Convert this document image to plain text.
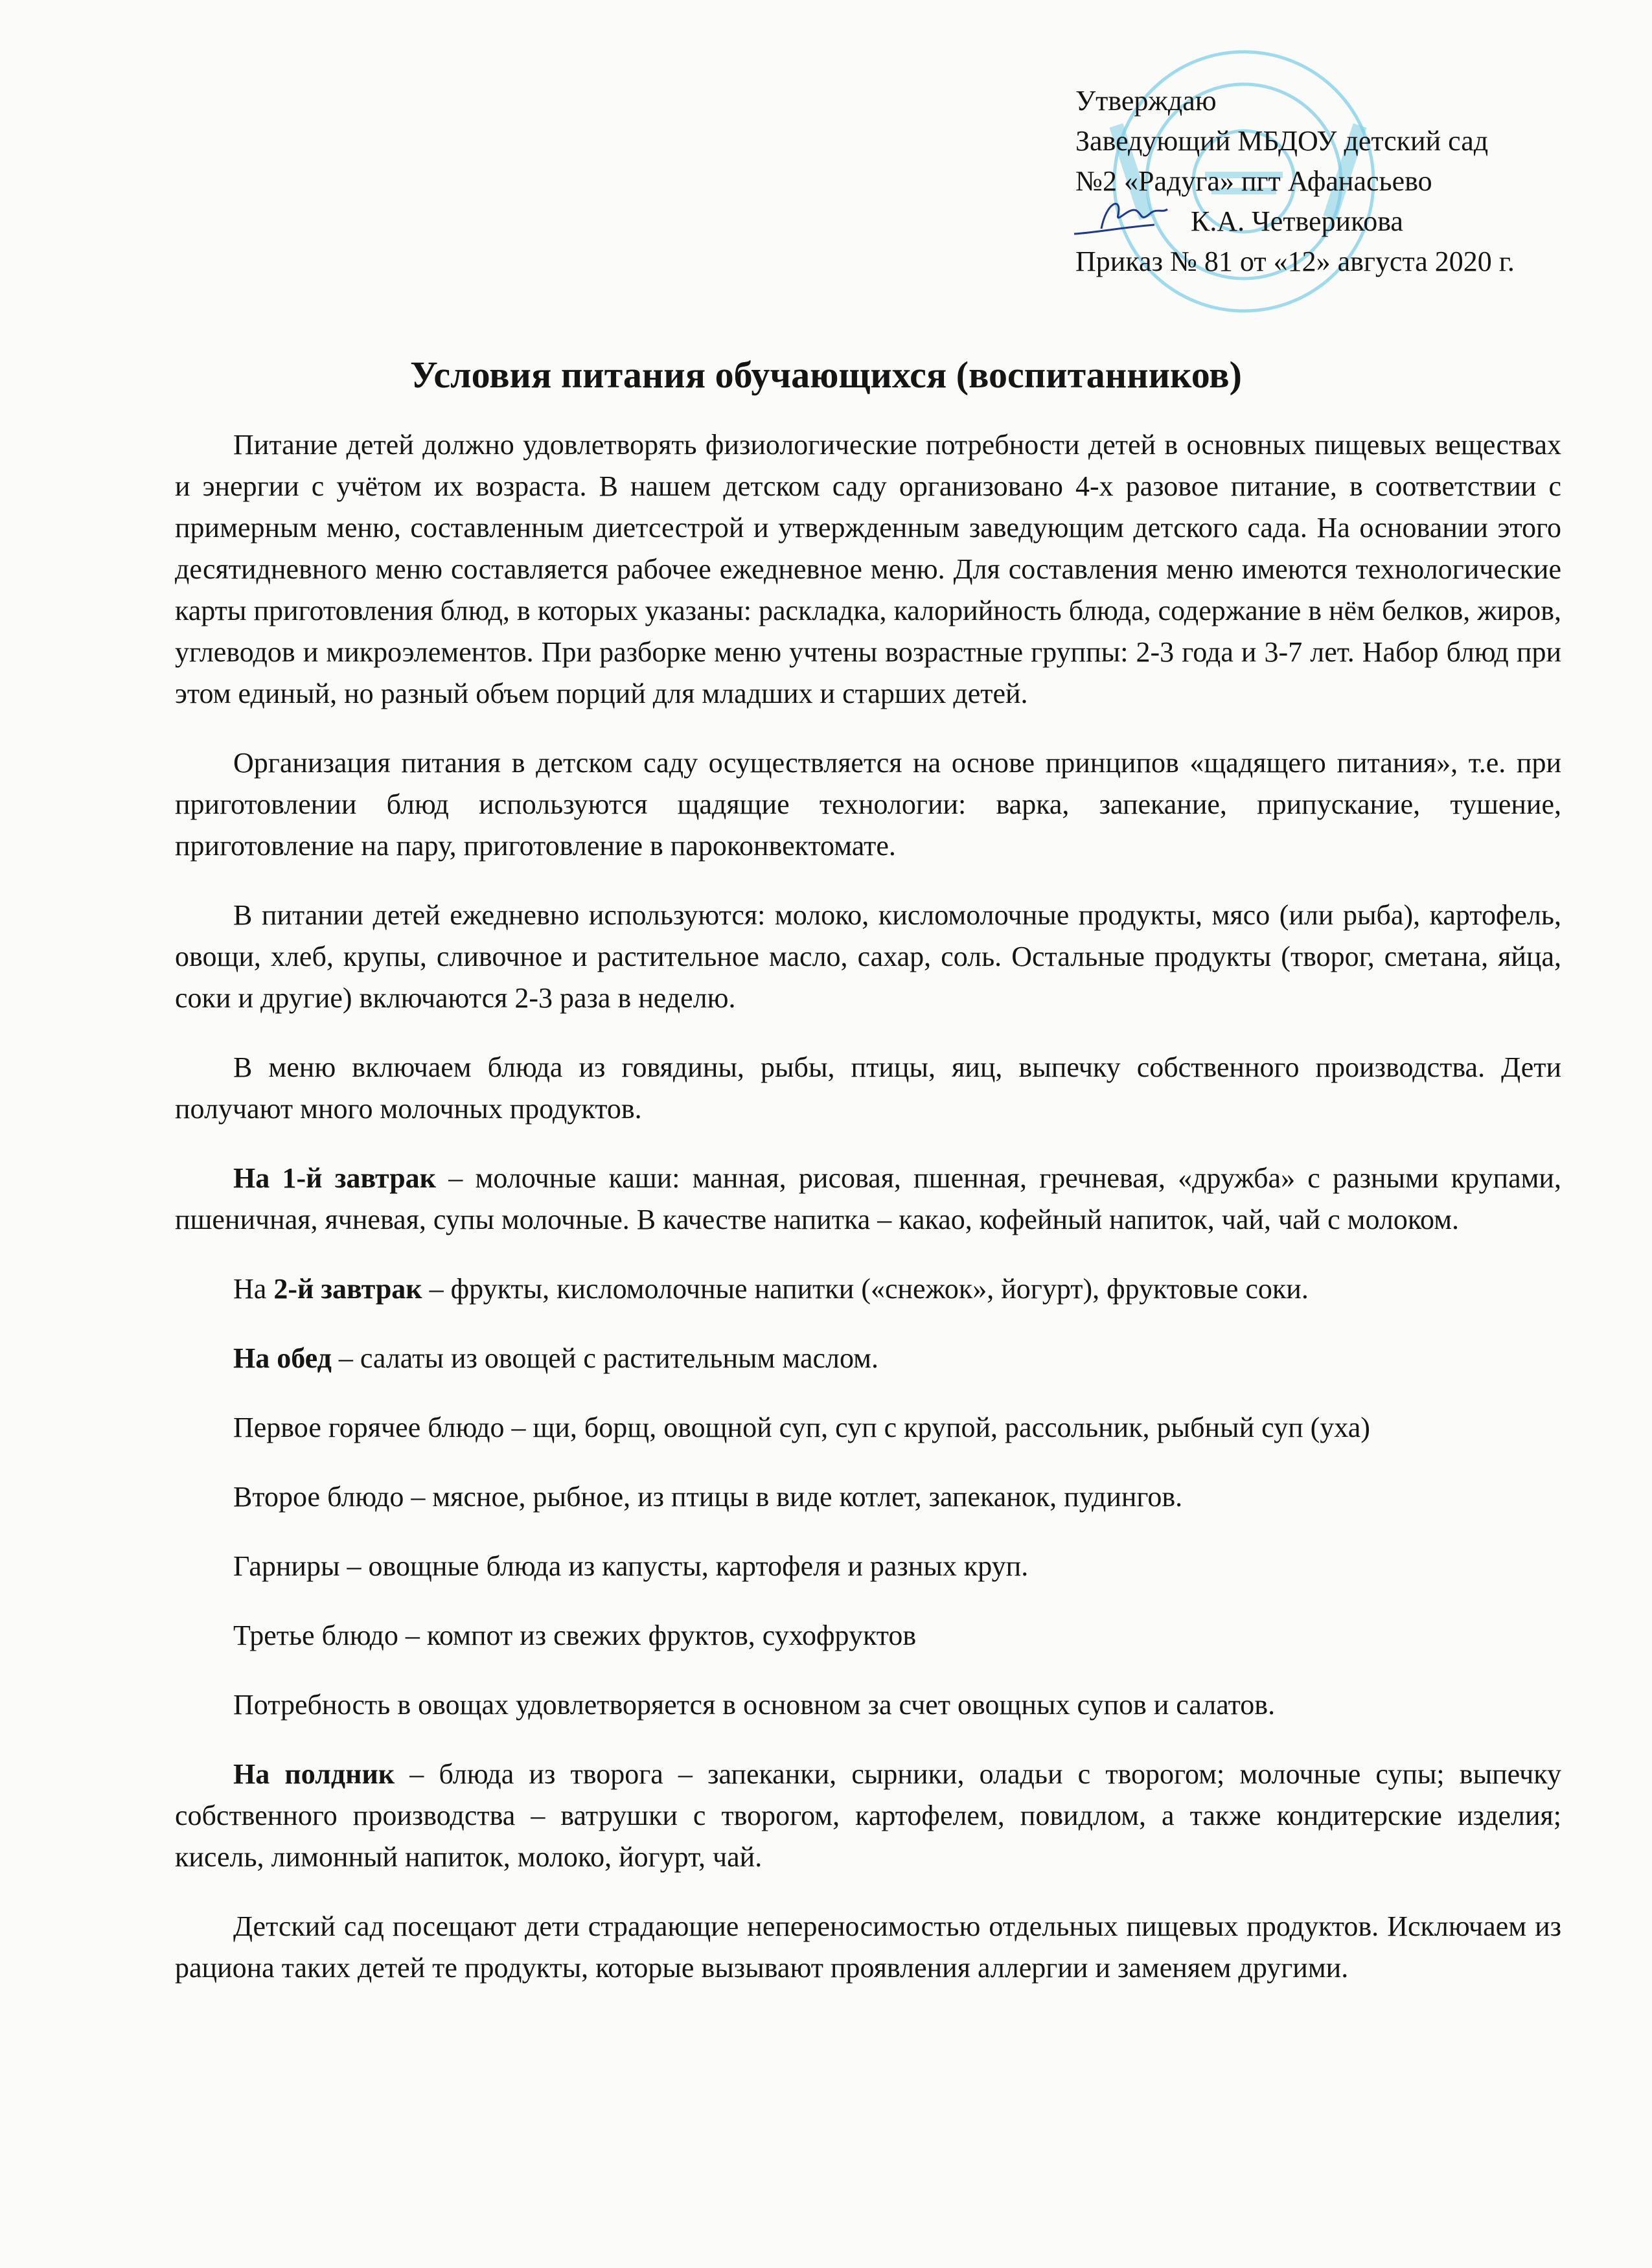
Утверждаю
Заведующий МБДОУ детский сад
№2 «Радуга» пгт Афанасьево
К.А. Четверикова
Приказ № 81 от «12» августа 2020 г.
Условия питания обучающихся (воспитанников)

Питание детей должно удовлетворять физиологические потребности детей в основных пищевых веществах и энергии с учётом их возраста. В нашем детском саду организовано 4-х разовое питание, в соответствии с примерным меню, составленным диетсестрой и утвержденным заведующим детского сада. На основании этого десятидневного меню составляется рабочее ежедневное меню. Для составления меню имеются технологические карты приготовления блюд, в которых указаны: раскладка, калорийность блюда, содержание в нём белков, жиров, углеводов и микроэлементов. При разборке меню учтены возрастные группы: 2-3 года и 3-7 лет. Набор блюд при этом единый, но разный объем порций для младших и старших детей.

Организация питания в детском саду осуществляется на основе принципов «щадящего питания», т.е. при приготовлении блюд используются щадящие технологии: варка, запекание, припускание, тушение, приготовление на пару, приготовление в пароконвектомате.

В питании детей ежедневно используются: молоко, кисломолочные продукты, мясо (или рыба), картофель, овощи, хлеб, крупы, сливочное и растительное масло, сахар, соль. Остальные продукты (творог, сметана, яйца, соки и другие) включаются 2-3 раза в неделю.

В меню включаем блюда из говядины, рыбы, птицы, яиц, выпечку собственного производства. Дети получают много молочных продуктов.

На 1-й завтрак – молочные каши: манная, рисовая, пшенная, гречневая, «дружба» с разными крупами, пшеничная, ячневая, супы молочные. В качестве напитка – какао, кофейный напиток, чай, чай с молоком.

На 2-й завтрак – фрукты, кисломолочные напитки («снежок», йогурт), фруктовые соки.

На обед – салаты из овощей с растительным маслом.

Первое горячее блюдо – щи, борщ, овощной суп, суп с крупой, рассольник, рыбный суп (уха)

Второе блюдо – мясное, рыбное, из птицы в виде котлет, запеканок, пудингов.

Гарниры – овощные блюда из капусты, картофеля и разных круп.

Третье блюдо – компот из свежих фруктов, сухофруктов

Потребность в овощах удовлетворяется в основном за счет овощных супов и салатов.

На полдник – блюда из творога – запеканки, сырники, оладьи с творогом; молочные супы; выпечку собственного производства – ватрушки с творогом, картофелем, повидлом, а также кондитерские изделия; кисель, лимонный напиток, молоко, йогурт, чай.

Детский сад посещают дети страдающие непереносимостью отдельных пищевых продуктов. Исключаем из рациона таких детей те продукты, которые вызывают проявления аллергии и заменяем другими.
